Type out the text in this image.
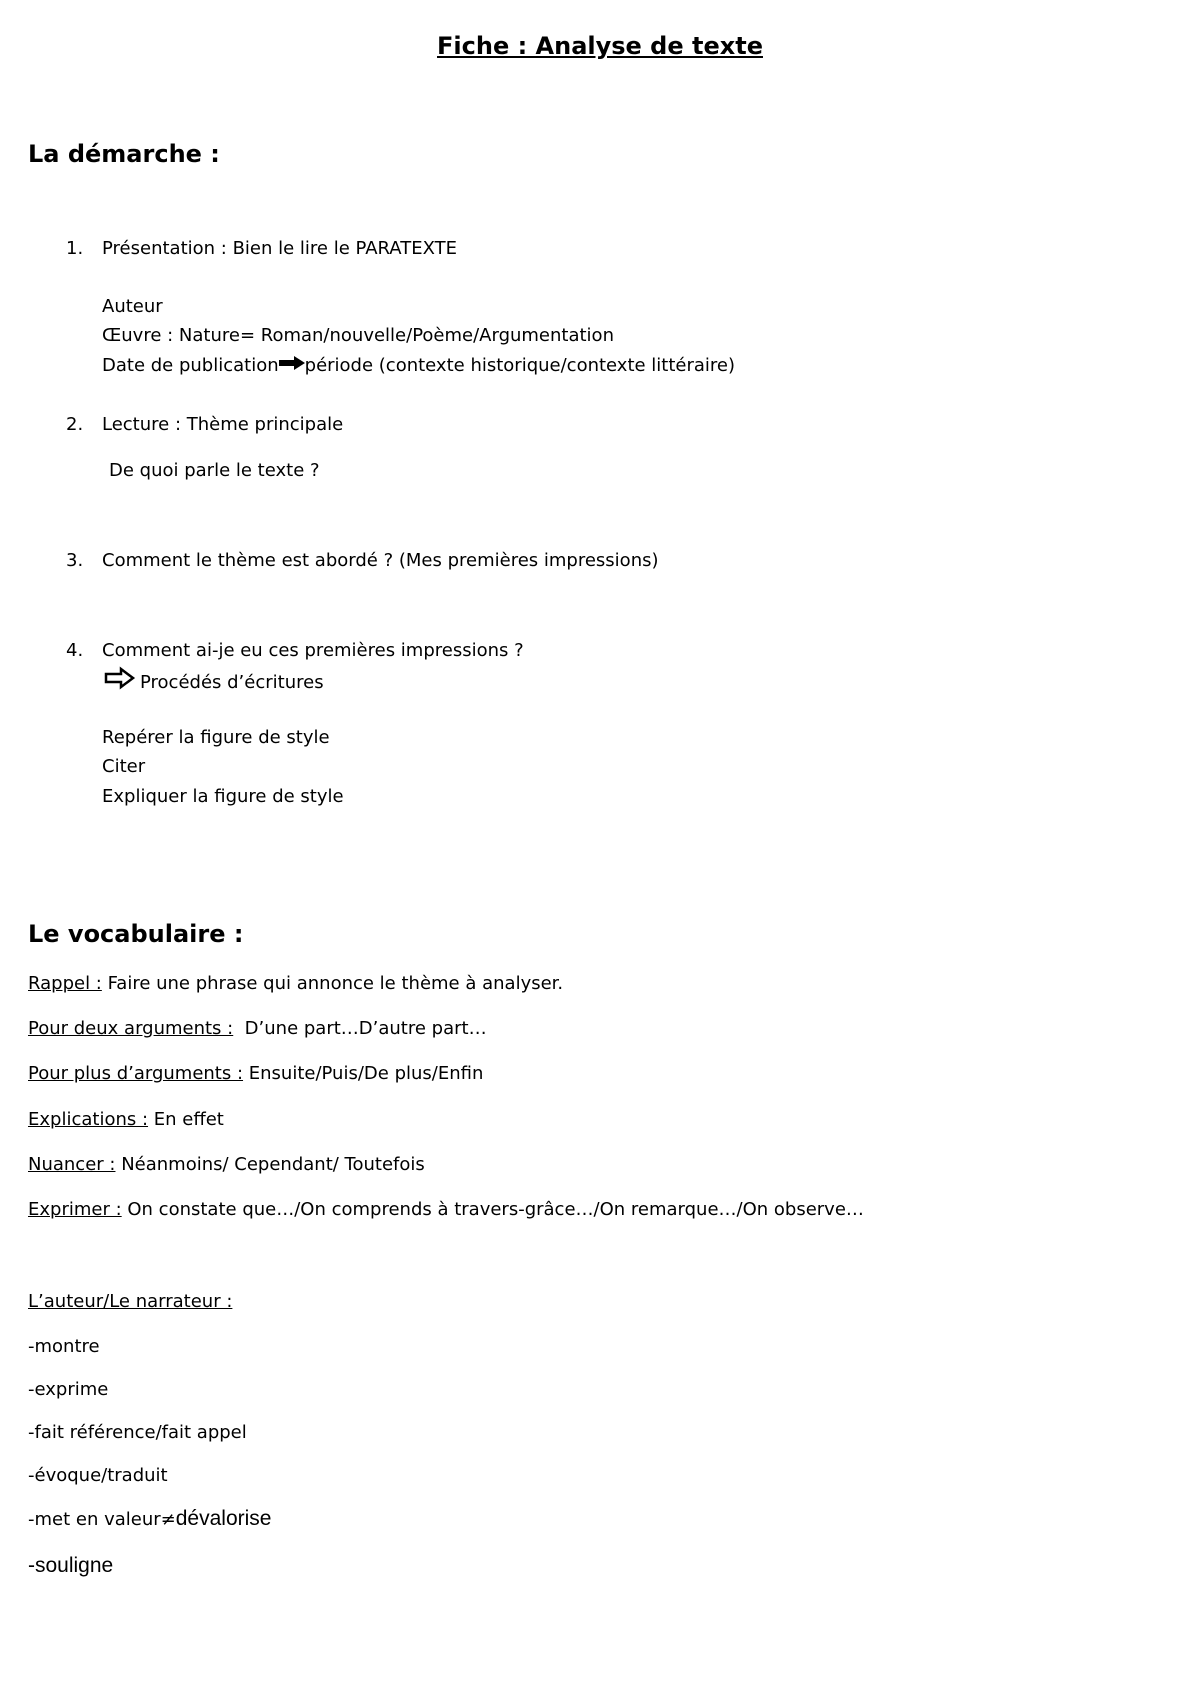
Fiche : Analyse de texte
La démarche :
1. Présentation : Bien le lire le PARATEXTE
Auteur
Œuvre : Nature= Roman/nouvelle/Poème/Argumentation
Date de publication période (contexte historique/contexte littéraire)
2. Lecture : Thème principale
De quoi parle le texte ?
3. Comment le thème est abordé ? (Mes premières impressions)
4. Comment ai-je eu ces premières impressions ?
Procédés d’écritures
Repérer la figure de style
Citer
Expliquer la figure de style
Le vocabulaire :
Rappel : Faire une phrase qui annonce le thème à analyser.
Pour deux arguments :  D’une part…D’autre part…
Pour plus d’arguments : Ensuite/Puis/De plus/Enfin
Explications : En effet
Nuancer : Néanmoins/ Cependant/ Toutefois
Exprimer : On constate que…/On comprends à travers-grâce…/On remarque…/On observe…
L’auteur/Le narrateur :
-montre
-exprime
-fait référence/fait appel
-évoque/traduit
-met en valeur≠dévalorise
-souligne
